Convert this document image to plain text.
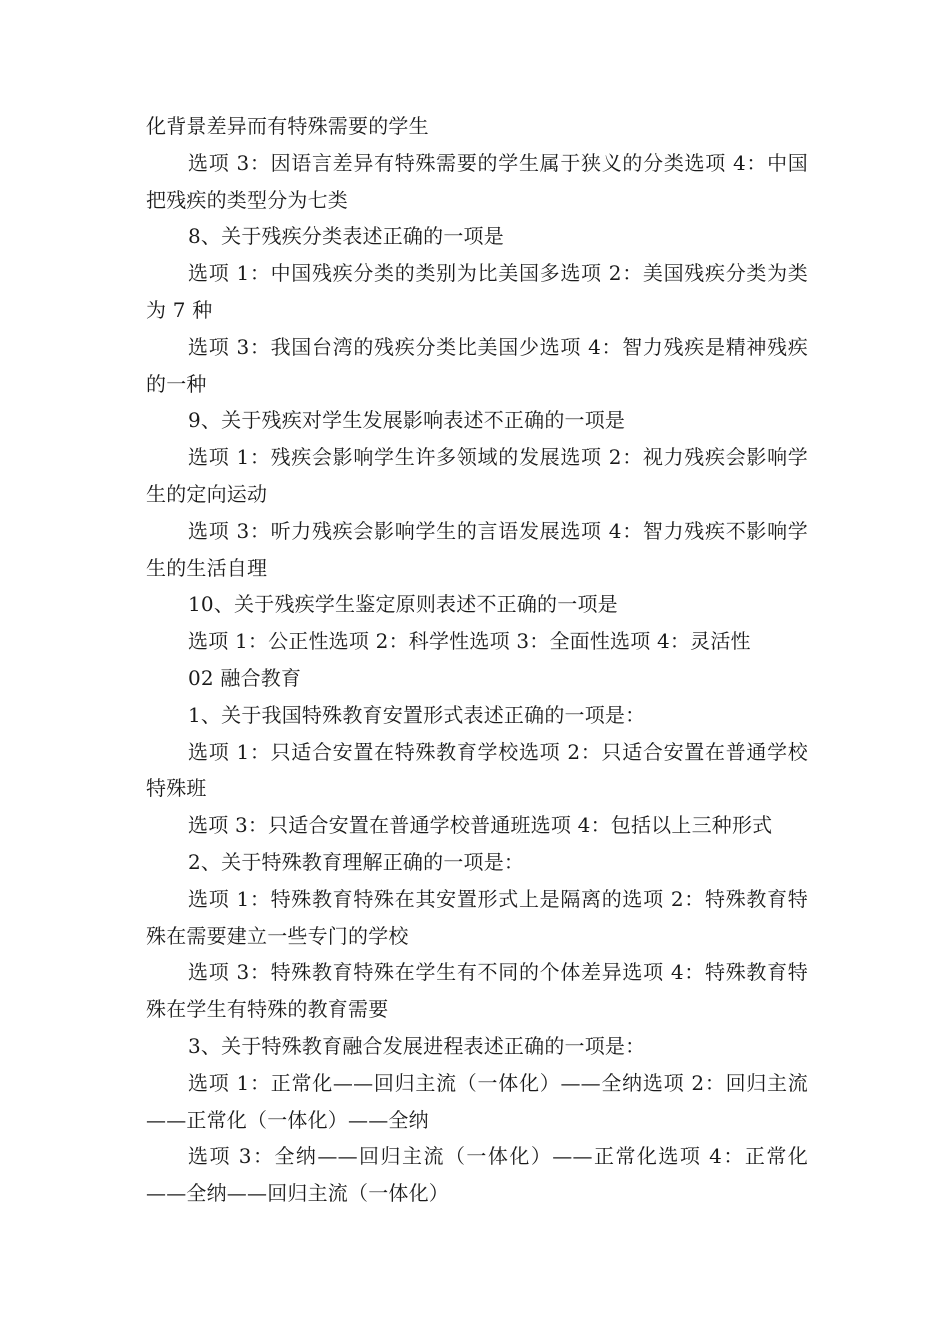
化背景差异而有特殊需要的学生

选项 3：因语言差异有特殊需要的学生属于狭义的分类选项 4：中国把残疾的类型分为七类

8、关于残疾分类表述正确的一项是

选项 1：中国残疾分类的类别为比美国多选项 2：美国残疾分类为类为 7 种

选项 3：我国台湾的残疾分类比美国少选项 4：智力残疾是精神残疾的一种

9、关于残疾对学生发展影响表述不正确的一项是

选项 1：残疾会影响学生许多领域的发展选项 2：视力残疾会影响学生的定向运动

选项 3：听力残疾会影响学生的言语发展选项 4：智力残疾不影响学生的生活自理

10、关于残疾学生鉴定原则表述不正确的一项是

选项 1：公正性选项 2：科学性选项 3：全面性选项 4：灵活性

02 融合教育

1、关于我国特殊教育安置形式表述正确的一项是：

选项 1：只适合安置在特殊教育学校选项 2：只适合安置在普通学校特殊班

选项 3：只适合安置在普通学校普通班选项 4：包括以上三种形式

2、关于特殊教育理解正确的一项是：

选项 1：特殊教育特殊在其安置形式上是隔离的选项 2：特殊教育特殊在需要建立一些专门的学校

选项 3：特殊教育特殊在学生有不同的个体差异选项 4：特殊教育特殊在学生有特殊的教育需要

3、关于特殊教育融合发展进程表述正确的一项是：

选项 1：正常化——回归主流（一体化）——全纳选项 2：回归主流——正常化（一体化）——全纳

选项 3：全纳——回归主流（一体化）——正常化选项 4：正常化——全纳——回归主流（一体化）
